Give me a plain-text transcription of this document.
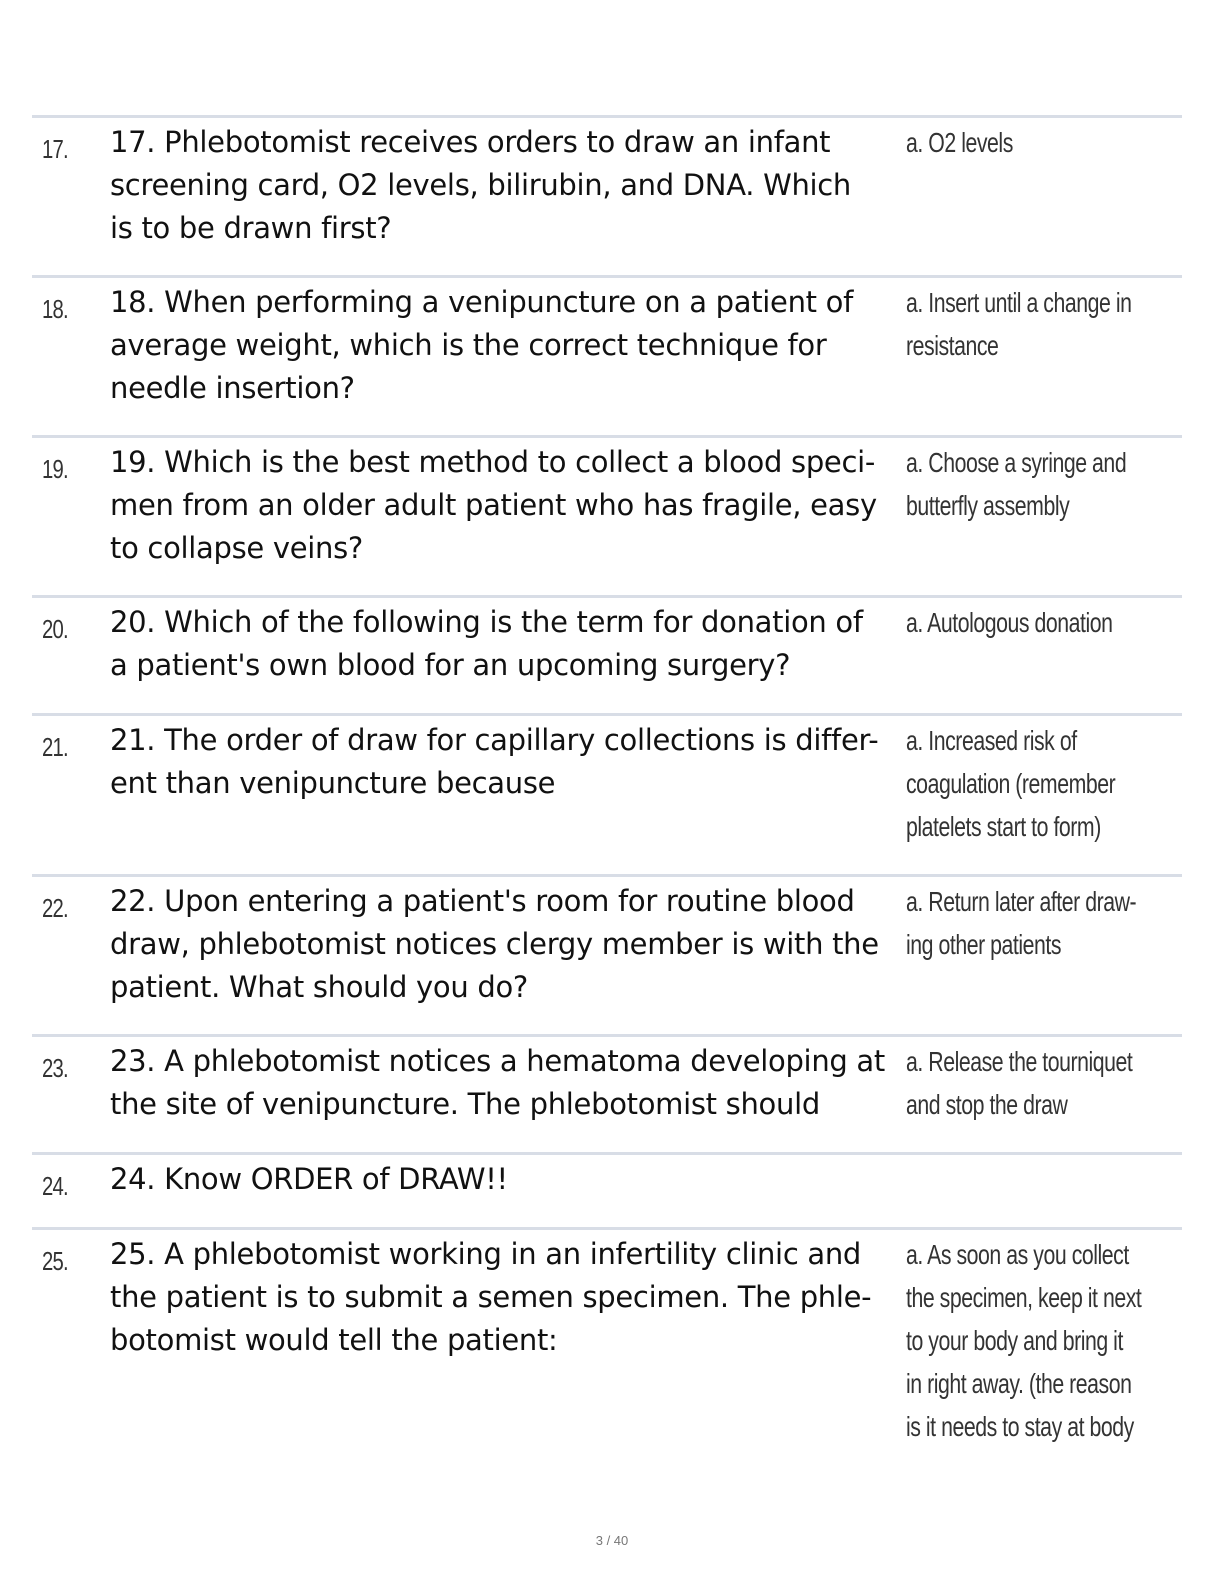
17. 17. Phlebotomist receives orders to draw an infant
screening card, O2 levels, bilirubin, and DNA. Which
is to be drawn first?
a. O2 levels
18. 18. When performing a venipuncture on a patient of
average weight, which is the correct technique for
needle insertion?
a. Insert until a change in
resistance
19. 19. Which is the best method to collect a blood speci-
men from an older adult patient who has fragile, easy
to collapse veins?
a. Choose a syringe and
butterfly assembly
20. 20. Which of the following is the term for donation of
a patient's own blood for an upcoming surgery?
a. Autologous donation
21. 21. The order of draw for capillary collections is differ-
ent than venipuncture because
a. Increased risk of
coagulation (remember
platelets start to form)
22. 22. Upon entering a patient's room for routine blood
draw, phlebotomist notices clergy member is with the
patient. What should you do?
a. Return later after draw-
ing other patients
23. 23. A phlebotomist notices a hematoma developing at
the site of venipuncture. The phlebotomist should
a. Release the tourniquet
and stop the draw
24. 24. Know ORDER of DRAW!!
25. 25. A phlebotomist working in an infertility clinic and
the patient is to submit a semen specimen. The phle-
botomist would tell the patient:
a. As soon as you collect
the specimen, keep it next
to your body and bring it
in right away. (the reason
is it needs to stay at body
3 / 40
